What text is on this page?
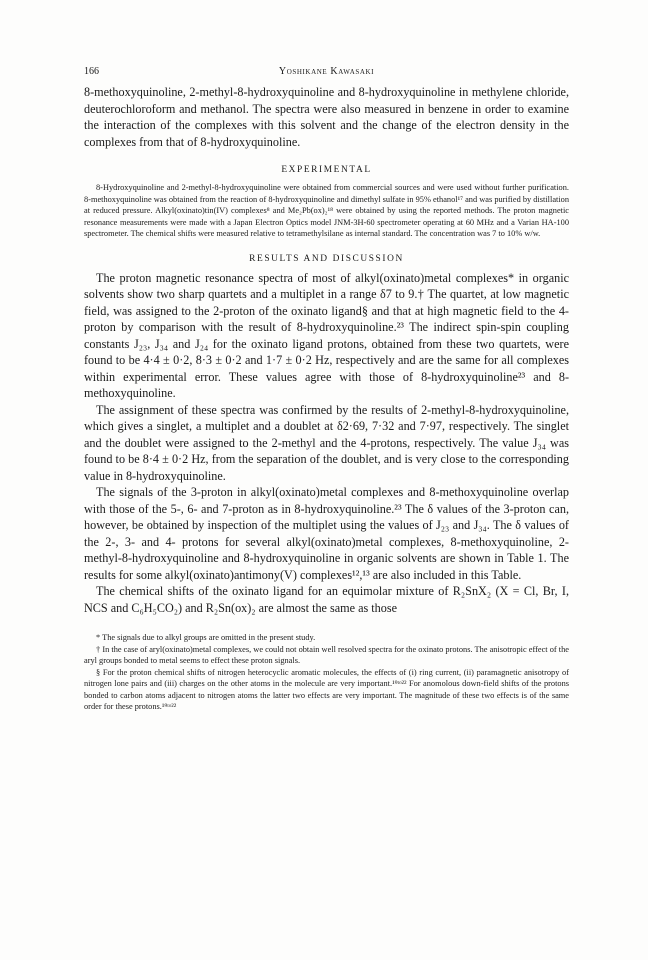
166	Yoshikane Kawasaki

8-methoxyquinoline, 2-methyl-8-hydroxyquinoline and 8-hydroxyquinoline in methylene chloride, deuterochloroform and methanol. The spectra were also measured in benzene in order to examine the interaction of the complexes with this solvent and the change of the electron density in the complexes from that of 8-hydroxyquinoline.

EXPERIMENTAL

8-Hydroxyquinoline and 2-methyl-8-hydroxyquinoline were obtained from commercial sources and were used without further purification. 8-methoxyquinoline was obtained from the reaction of 8-hydroxyquinoline and dimethyl sulfate in 95% ethanol¹⁷ and was purified by distillation at reduced pressure. Alkyl(oxinato)tin(IV) complexes⁸ and Me₂Pb(ox)₂¹⁸ were obtained by using the reported methods. The proton magnetic resonance measurements were made with a Japan Electron Optics model JNM-3H-60 spectrometer operating at 60 MHz and a Varian HA-100 spectrometer. The chemical shifts were measured relative to tetramethylsilane as internal standard. The concentration was 7 to 10% w/w.

RESULTS AND DISCUSSION

The proton magnetic resonance spectra of most of alkyl(oxinato)metal complexes* in organic solvents show two sharp quartets and a multiplet in a range δ7 to 9.† The quartet, at low magnetic field, was assigned to the 2-proton of the oxinato ligand§ and that at high magnetic field to the 4-proton by comparison with the result of 8-hydroxyquinoline.²³ The indirect spin-spin coupling constants J₂₃, J₃₄ and J₂₄ for the oxinato ligand protons, obtained from these two quartets, were found to be 4·4 ± 0·2, 8·3 ± 0·2 and 1·7 ± 0·2 Hz, respectively and are the same for all complexes within experimental error. These values agree with those of 8-hydroxyquinoline²³ and 8-methoxyquinoline.

The assignment of these spectra was confirmed by the results of 2-methyl-8-hydroxyquinoline, which gives a singlet, a multiplet and a doublet at δ2·69, 7·32 and 7·97, respectively. The singlet and the doublet were assigned to the 2-methyl and the 4-protons, respectively. The value J₃₄ was found to be 8·4 ± 0·2 Hz, from the separation of the doublet, and is very close to the corresponding value in 8-hydroxyquinoline.

The signals of the 3-proton in alkyl(oxinato)metal complexes and 8-methoxyquinoline overlap with those of the 5-, 6- and 7-proton as in 8-hydroxyquinoline.²³ The δ values of the 3-proton can, however, be obtained by inspection of the multiplet using the values of J₂₃ and J₃₄. The δ values of the 2-, 3- and 4- protons for several alkyl(oxinato)metal complexes, 8-methoxyquinoline, 2-methyl-8-hydroxyquinoline and 8-hydroxyquinoline in organic solvents are shown in Table 1. The results for some alkyl(oxinato)antimony(V) complexes¹²,¹³ are also included in this Table.

The chemical shifts of the oxinato ligand for an equimolar mixture of R₂SnX₂ (X = Cl, Br, I, NCS and C₆H₅CO₂) and R₂Sn(ox)₂ are almost the same as those

* The signals due to alkyl groups are omitted in the present study.

† In the case of aryl(oxinato)metal complexes, we could not obtain well resolved spectra for the oxinato protons. The anisotropic effect of the aryl groups bonded to metal seems to effect these proton signals.

§ For the proton chemical shifts of nitrogen heterocyclic aromatic molecules, the effects of (i) ring current, (ii) paramagnetic anisotropy of nitrogen lone pairs and (iii) charges on the other atoms in the molecule are very important.¹⁹ᵗᵒ²² For anomolous down-field shifts of the protons bonded to carbon atoms adjacent to nitrogen atoms the latter two effects are very important. The magnitude of these two effects is of the same order for these protons.¹⁹ᵗᵒ²²
